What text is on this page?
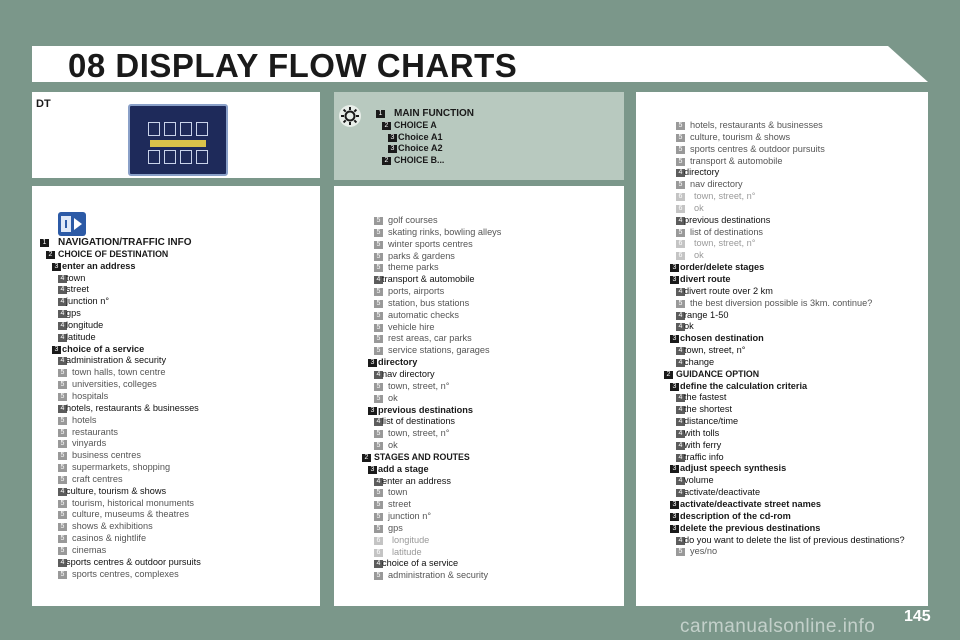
08 DISPLAY FLOW CHARTS
DT
1 MAIN FUNCTION
2 CHOICE A
3 Choice A1
3 Choice A2
2 CHOICE B...
1 NAVIGATION/TRAFFIC INFO
2 CHOICE OF DESTINATION
3 enter an address
4 town
4 street
4 junction n°
4 gps
4 longitude
4 latitude
3 choice of a service
4 administration & security
5 town halls, town centre
5 universities, colleges
5 hospitals
4 hotels, restaurants & businesses
5 hotels
5 restaurants
5 vinyards
5 business centres
5 supermarkets, shopping
5 craft centres
4 culture, tourism & shows
5 tourism, historical monuments
5 culture, museums & theatres
5 shows & exhibitions
5 casinos & nightlife
5 cinemas
4 sports centres & outdoor pursuits
5 sports centres, complexes
5 golf courses
5 skating rinks, bowling alleys
5 winter sports centres
5 parks & gardens
5 theme parks
4 transport & automobile
5 ports, airports
5 station, bus stations
5 automatic checks
5 vehicle hire
5 rest areas, car parks
5 service stations, garages
3 directory
4 nav directory
5 town, street, n°
5 ok
3 previous destinations
4 list of destinations
5 town, street, n°
5 ok
2 STAGES AND ROUTES
3 add a stage
4 enter an address
5 town
5 street
5 junction n°
5 gps
6 longitude
6 latitude
4 choice of a service
5 administration & security
5 hotels, restaurants & businesses
5 culture, tourism & shows
5 sports centres & outdoor pursuits
5 transport & automobile
4 directory
5 nav directory
6 town, street, n°
6 ok
4 previous destinations
5 list of destinations
6 town, street, n°
6 ok
3 order/delete stages
3 divert route
4 divert route over 2 km
5 the best diversion possible is 3km. continue?
4 range 1-50
4 ok
3 chosen destination
4 town, street, n°
4 change
2 GUIDANCE OPTION
3 define the calculation criteria
4 the fastest
4 the shortest
4 distance/time
4 with tolls
4 with ferry
4 traffic info
3 adjust speech synthesis
4 volume
4 activate/deactivate
3 activate/deactivate street names
3 description of the cd-rom
3 delete the previous destinations
4 do you want to delete the list of previous destinations?
5 yes/no
145
carmanualsonline.info
